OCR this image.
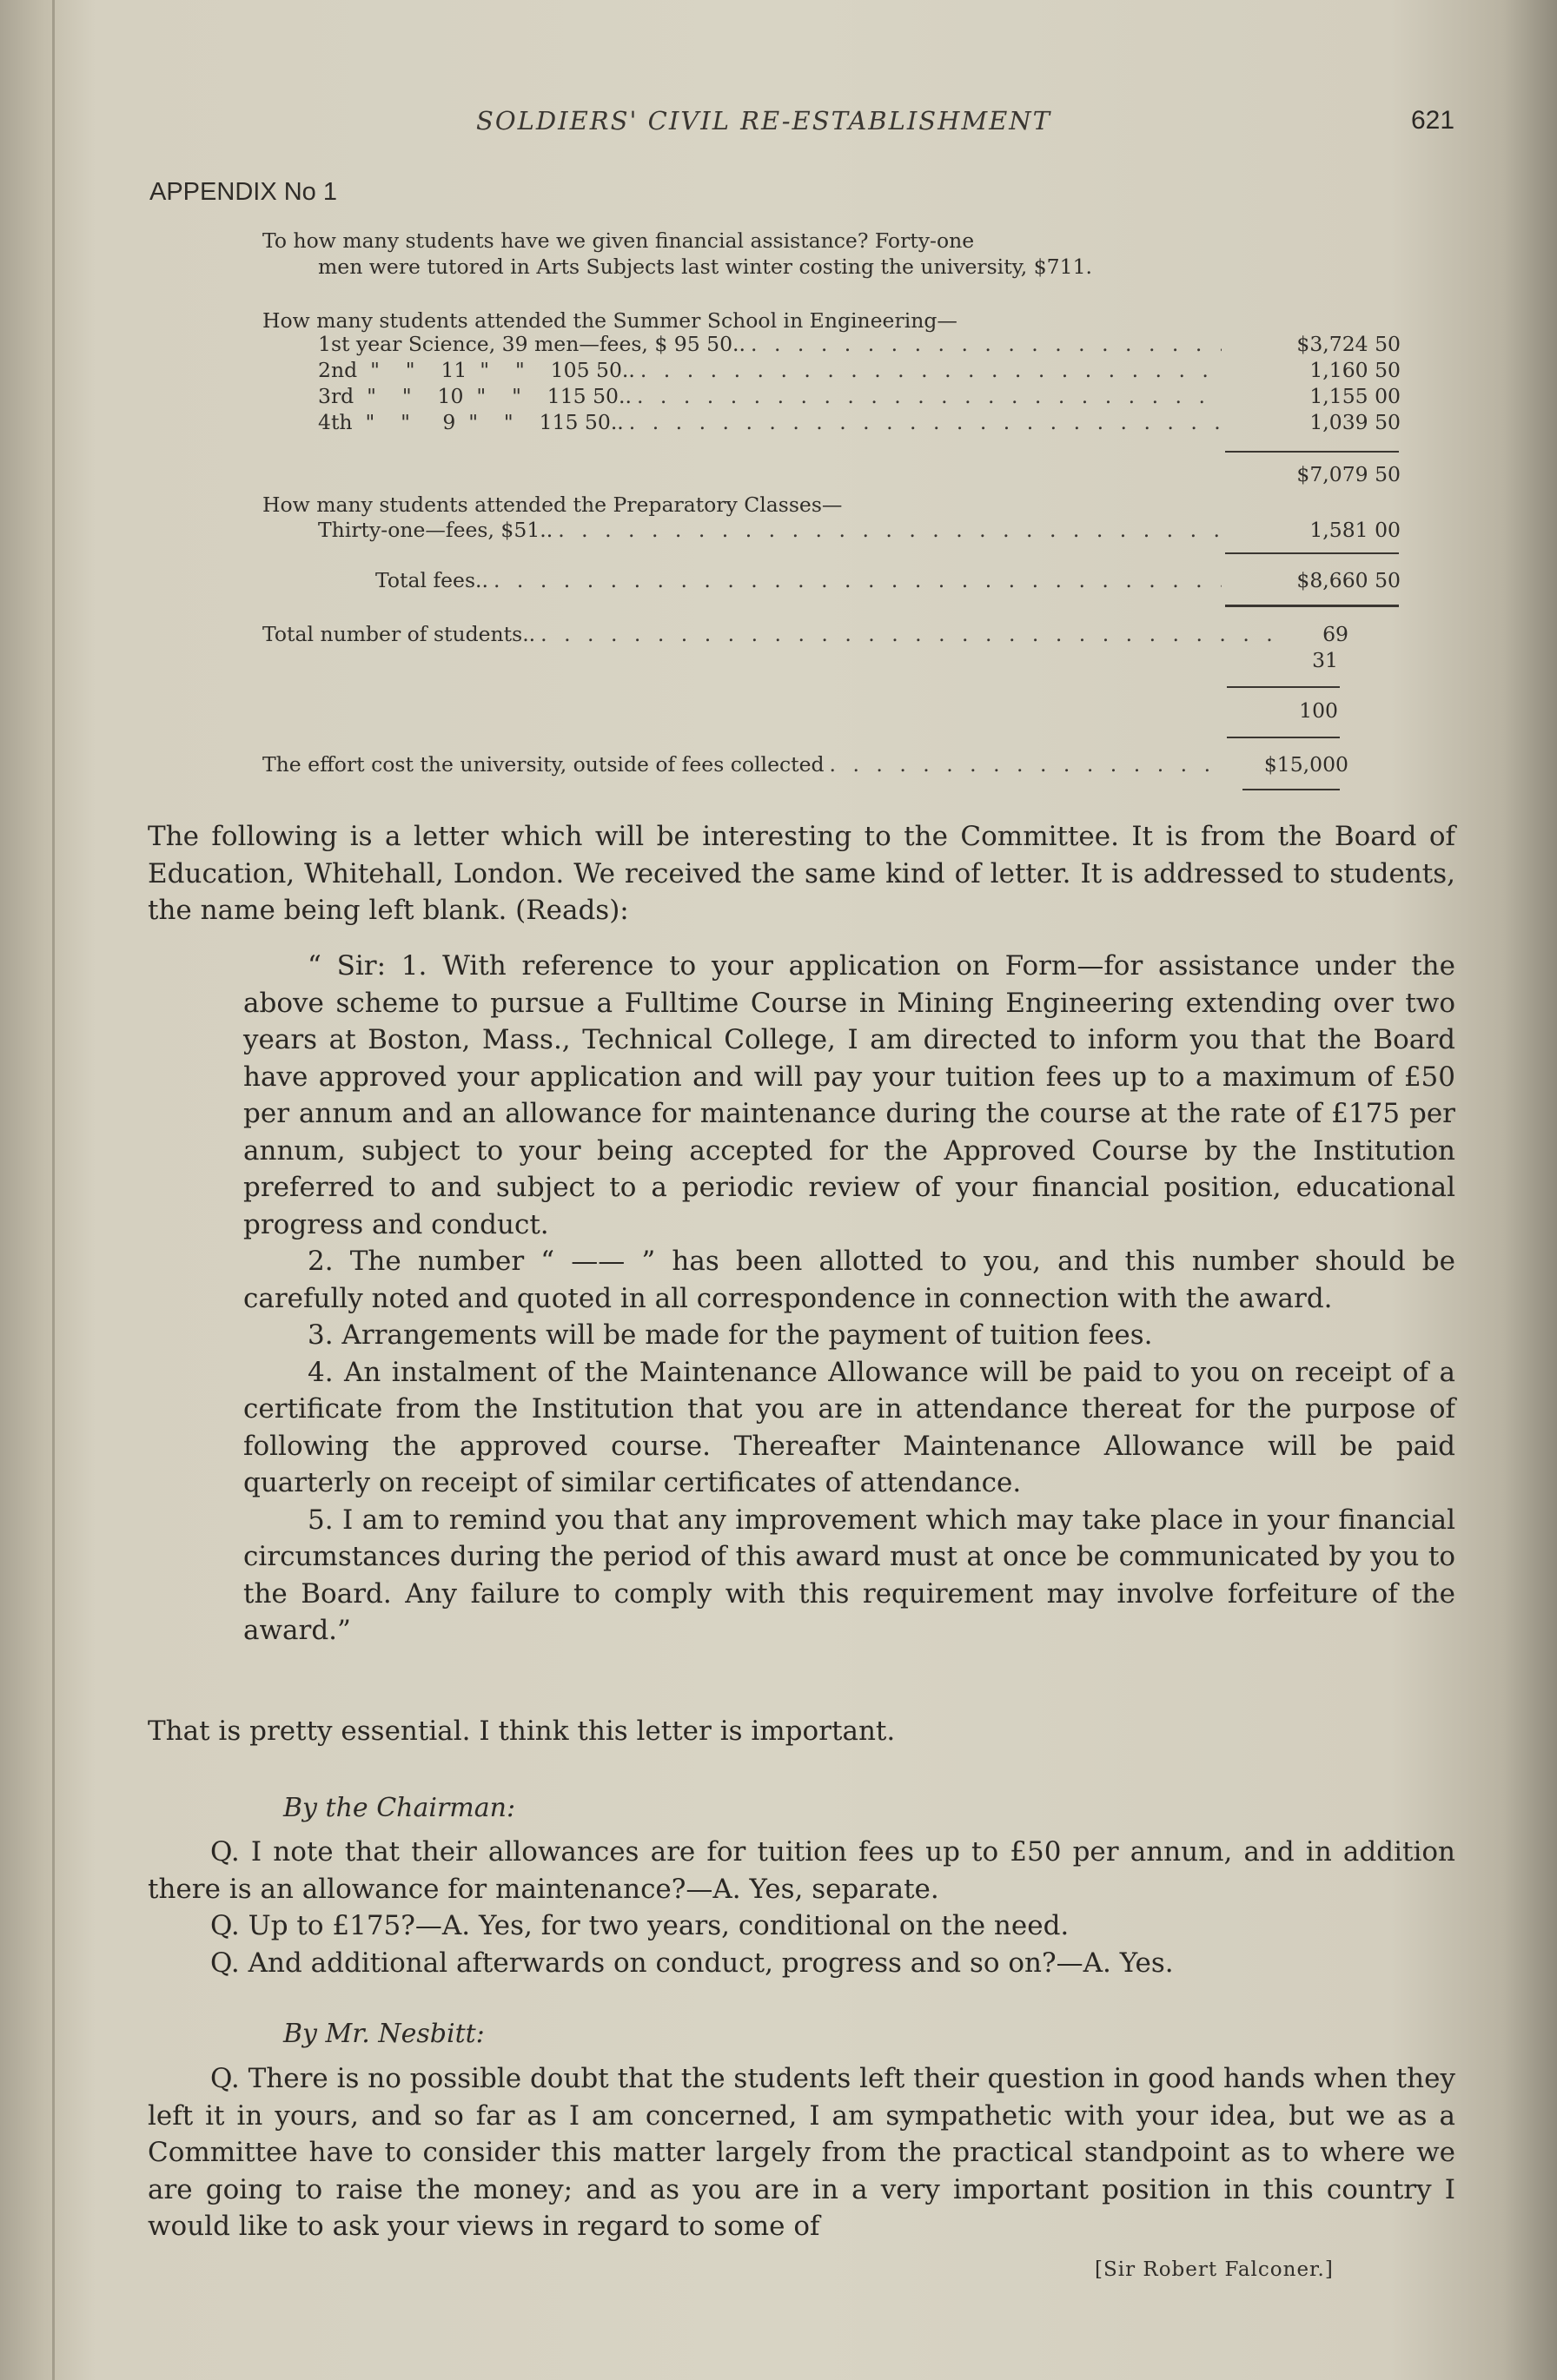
SOLDIERS' CIVIL RE-ESTABLISHMENT	621
APPENDIX No 1
To how many students have we given financial assistance? Forty-one
men were tutored in Arts Subjects last winter costing the university, $711.
How many students attended the Summer School in Engineering—
1st year Science, 39 men—fees, $ 95 50.. . . .	$3,724 50
2nd  "    "    11  "    "    105 50.. . . .	1,160 50
3rd  "    "    10  "    "    115 50.. . . .	1,155 00
4th  "    "     9  "    "    115 50.. . . .	1,039 50
$7,079 50
How many students attended the Preparatory Classes—
Thirty-one—fees, $51.. . . .	1,581 00
Total fees.. . . .	$8,660 50
Total number of students.. . . .	69
31
100
The effort cost the university, outside of fees collected . . .	$15,000

The following is a letter which will be interesting to the Committee. It is from the Board of Education, Whitehall, London. We received the same kind of letter. It is addressed to students, the name being left blank. (Reads):

“ Sir: 1. With reference to your application on Form—for assistance under the above scheme to pursue a Fulltime Course in Mining Engineering extending over two years at Boston, Mass., Technical College, I am directed to inform you that the Board have approved your application and will pay your tuition fees up to a maximum of £50 per annum and an allowance for maintenance during the course at the rate of £175 per annum, subject to your being accepted for the Approved Course by the Institution preferred to and subject to a periodic review of your financial position, educational progress and conduct.

2. The number “ —— ” has been allotted to you, and this number should be carefully noted and quoted in all correspondence in connection with the award.

3. Arrangements will be made for the payment of tuition fees.

4. An instalment of the Maintenance Allowance will be paid to you on receipt of a certificate from the Institution that you are in attendance thereat for the purpose of following the approved course. Thereafter Maintenance Allowance will be paid quarterly on receipt of similar certificates of attendance.

5. I am to remind you that any improvement which may take place in your financial circumstances during the period of this award must at once be communicated by you to the Board. Any failure to comply with this requirement may involve forfeiture of the award.”

That is pretty essential. I think this letter is important.

By the Chairman:

Q. I note that their allowances are for tuition fees up to £50 per annum, and in addition there is an allowance for maintenance?—A. Yes, separate.

Q. Up to £175?—A. Yes, for two years, conditional on the need.

Q. And additional afterwards on conduct, progress and so on?—A. Yes.

By Mr. Nesbitt:

Q. There is no possible doubt that the students left their question in good hands when they left it in yours, and so far as I am concerned, I am sympathetic with your idea, but we as a Committee have to consider this matter largely from the practical standpoint as to where we are going to raise the money; and as you are in a very important position in this country I would like to ask your views in regard to some of

[Sir Robert Falconer.]
